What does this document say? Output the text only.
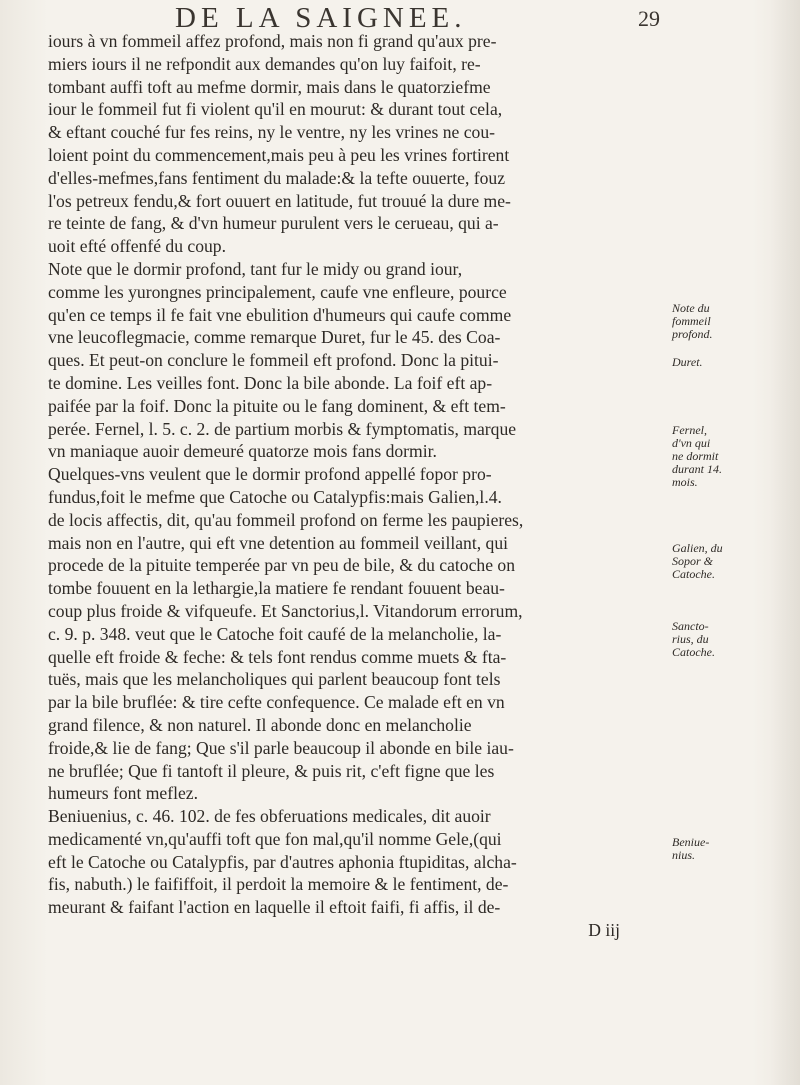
DE LA SAIGNEE.	29
iours à vn fommeil affez profond, mais non fi grand qu'aux pre-
miers iours il ne refpondit aux demandes qu'on luy faifoit, re-
tombant auffi toft au mefme dormir, mais dans le quatorziefme
iour le fommeil fut fi violent qu'il en mourut: & durant tout cela,
& eftant couché fur fes reins, ny le ventre, ny les vrines ne cou-
loient point du commencement,mais peu à peu les vrines fortirent
d'elles-mefmes,fans fentiment du malade:& la tefte ouuerte, fouz
l'os petreux fendu,& fort ouuert en latitude, fut trouué la dure me-
re teinte de fang, & d'vn humeur purulent vers le cerueau, qui a-
uoit efté offenfé du coup.
Note que le dormir profond, tant fur le midy ou grand iour,
comme les yurongnes principalement, caufe vne enfleure, pource
qu'en ce temps il fe fait vne ebulition d'humeurs qui caufe comme
vne leucoflegmacie, comme remarque Duret, fur le 45. des Coa-
ques. Et peut-on conclure le fommeil eft profond. Donc la pitui-
te domine. Les veilles font. Donc la bile abonde. La foif eft ap-
paifée par la foif. Donc la pituite ou le fang dominent, & eft tem-
perée. Fernel, l. 5. c. 2. de partium morbis & fymptomatis, marque
vn maniaque auoir demeuré quatorze mois fans dormir.
Quelques-vns veulent que le dormir profond appellé fopor pro-
fundus,foit le mefme que Catoche ou Catalypfis:mais Galien,l.4.
de locis affectis, dit, qu'au fommeil profond on ferme les paupieres,
mais non en l'autre, qui eft vne detention au fommeil veillant, qui
procede de la pituite temperée par vn peu de bile, & du catoche on
tombe fouuent en la lethargie,la matiere fe rendant fouuent beau-
coup plus froide & vifqueufe. Et Sanctorius,l. Vitandorum errorum,
c. 9. p. 348. veut que le Catoche foit caufé de la melancholie, la-
quelle eft froide & feche: & tels font rendus comme muets & fta-
tuës, mais que les melancholiques qui parlent beaucoup font tels
par la bile bruflée: & tire cefte confequence. Ce malade eft en vn
grand filence, & non naturel. Il abonde donc en melancholie
froide,& lie de fang; Que s'il parle beaucoup il abonde en bile iau-
ne bruflée; Que fi tantoft il pleure, & puis rit, c'eft figne que les
humeurs font meflez.
Beniuenius, c. 46. 102. de fes obferuations medicales, dit auoir
medicamenté vn,qu'auffi toft que fon mal,qu'il nomme Gele,(qui
eft le Catoche ou Catalypfis, par d'autres aphonia ftupiditas, alcha-
fis, nabuth.) le faififfoit, il perdoit la memoire & le fentiment, de-
meurant & faifant l'action en laquelle il eftoit faifi, fi affis, il de-
D iij
Note du
fommeil
profond.
Duret.
Fernel,
d'vn qui
ne dormit
durant 14.
mois.
Galien, du
Sopor &
Catoche.
Sancto-
rius, du
Catoche.
Beniue-
nius.
